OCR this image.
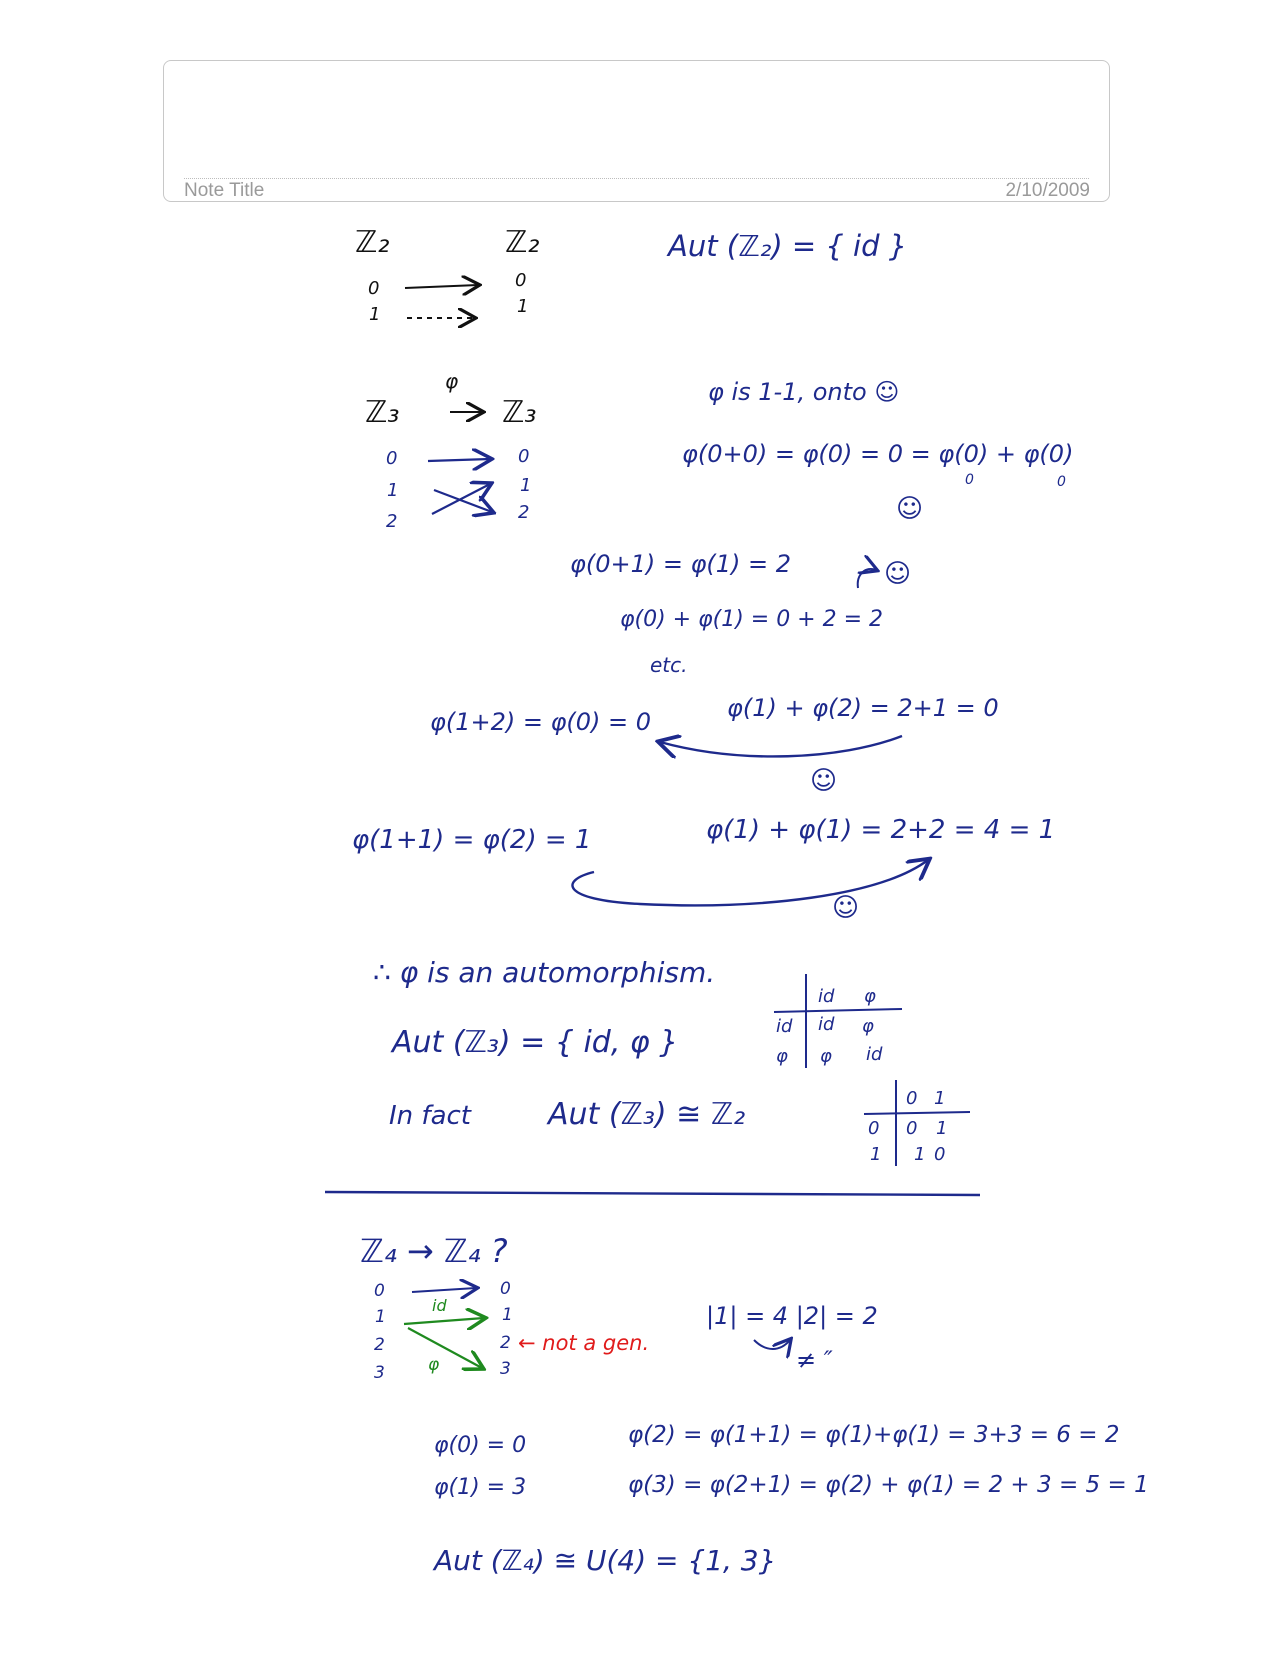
Note Title	2/10/2009
ℤ₂	ℤ₂
0
1
0
1
Aut (ℤ₂) = { id }
φ
ℤ₃	ℤ₃
0
1
2
0
1
2
φ is 1-1, onto ☺
φ(0+0) = φ(0) = 0 = φ(0) + φ(0)
0	0
☺
φ(0+1) = φ(1) = 2	☺
φ(0) + φ(1) = 0 + 2 = 2
etc.
φ(1+2) = φ(0) = 0	φ(1) + φ(2) = 2+1 = 0
☺
φ(1+1) = φ(2) = 1	φ(1) + φ(1) = 2+2 = 4 = 1
☺
∴ φ is an automorphism.
Aut (ℤ₃) = { id, φ }
In fact	Aut (ℤ₃) ≅ ℤ₂
id φ
id id φ
φ φ id
0 1
0 0 1
1 1 0
ℤ₄ → ℤ₄ ?
0
1
2
3
0
1
2
3
id
φ
← not a gen.
|1| = 4 |2| = 2
≠ ″
φ(0) = 0
φ(1) = 3
φ(2) = φ(1+1) = φ(1)+φ(1) = 3+3 = 6 = 2
φ(3) = φ(2+1) = φ(2) + φ(1) = 2 + 3 = 5 = 1
Aut (ℤ₄) ≅ U(4) = {1, 3}
